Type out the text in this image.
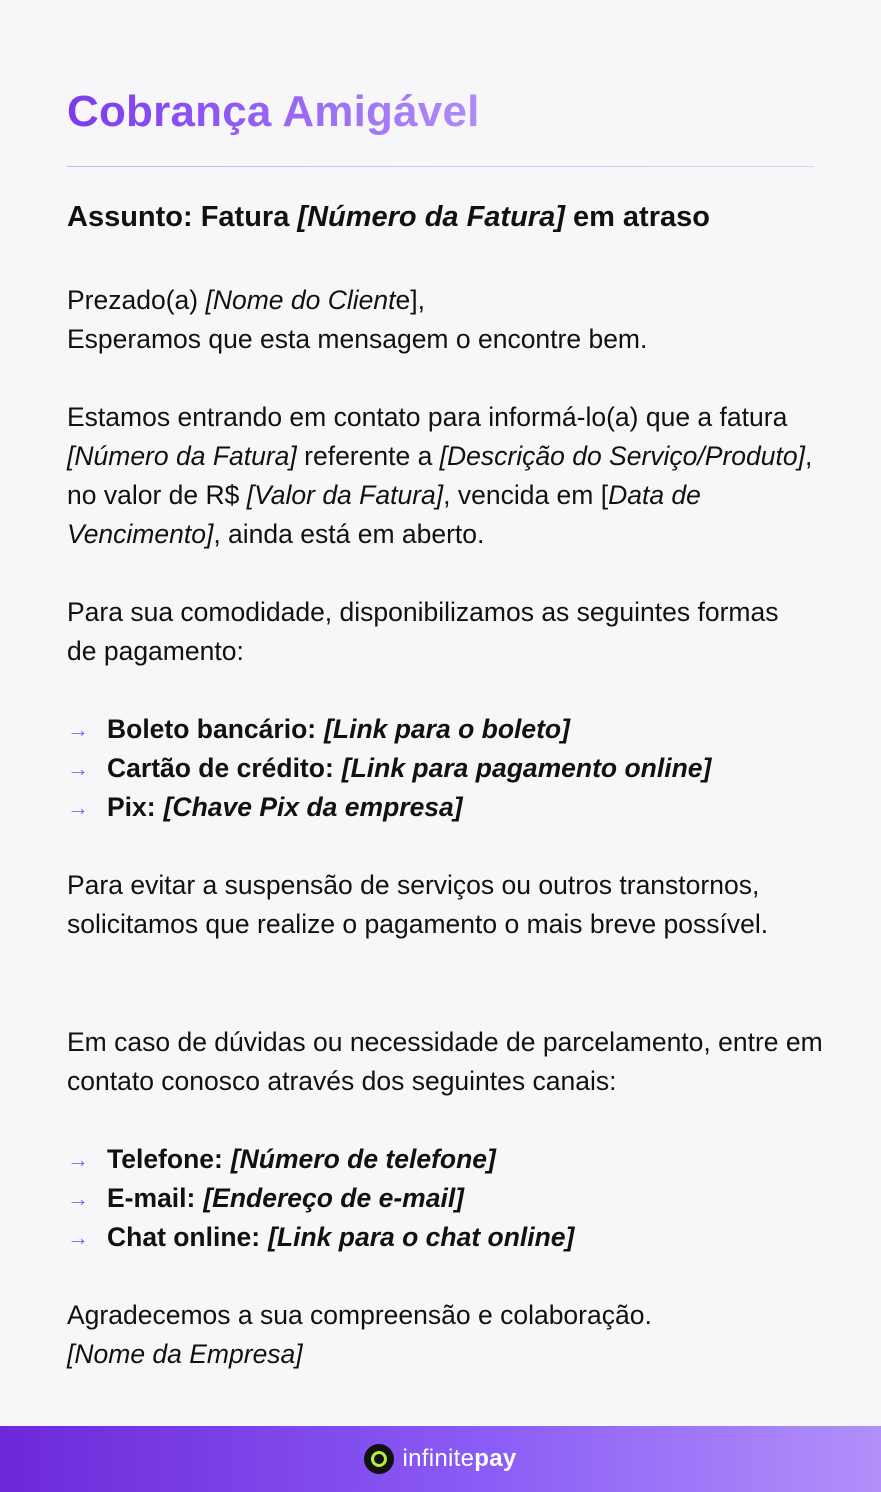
Cobrança Amigável
Assunto: Fatura [Número da Fatura] em atraso

Prezado(a) [Nome do Cliente],
Esperamos que esta mensagem o encontre bem.

Estamos entrando em contato para informá-lo(a) que a fatura [Número da Fatura] referente a [Descrição do Serviço/Produto], no valor de R$ [Valor da Fatura], vencida em [Data de Vencimento], ainda está em aberto.

Para sua comodidade, disponibilizamos as seguintes formas de pagamento:

→ Boleto bancário: [Link para o boleto]
→ Cartão de crédito: [Link para pagamento online]
→ Pix: [Chave Pix da empresa]

Para evitar a suspensão de serviços ou outros transtornos, solicitamos que realize o pagamento o mais breve possível.

Em caso de dúvidas ou necessidade de parcelamento, entre em contato conosco através dos seguintes canais:

→ Telefone: [Número de telefone]
→ E-mail: [Endereço de e-mail]
→ Chat online: [Link para o chat online]

Agradecemos a sua compreensão e colaboração.
[Nome da Empresa]

infinitepay
